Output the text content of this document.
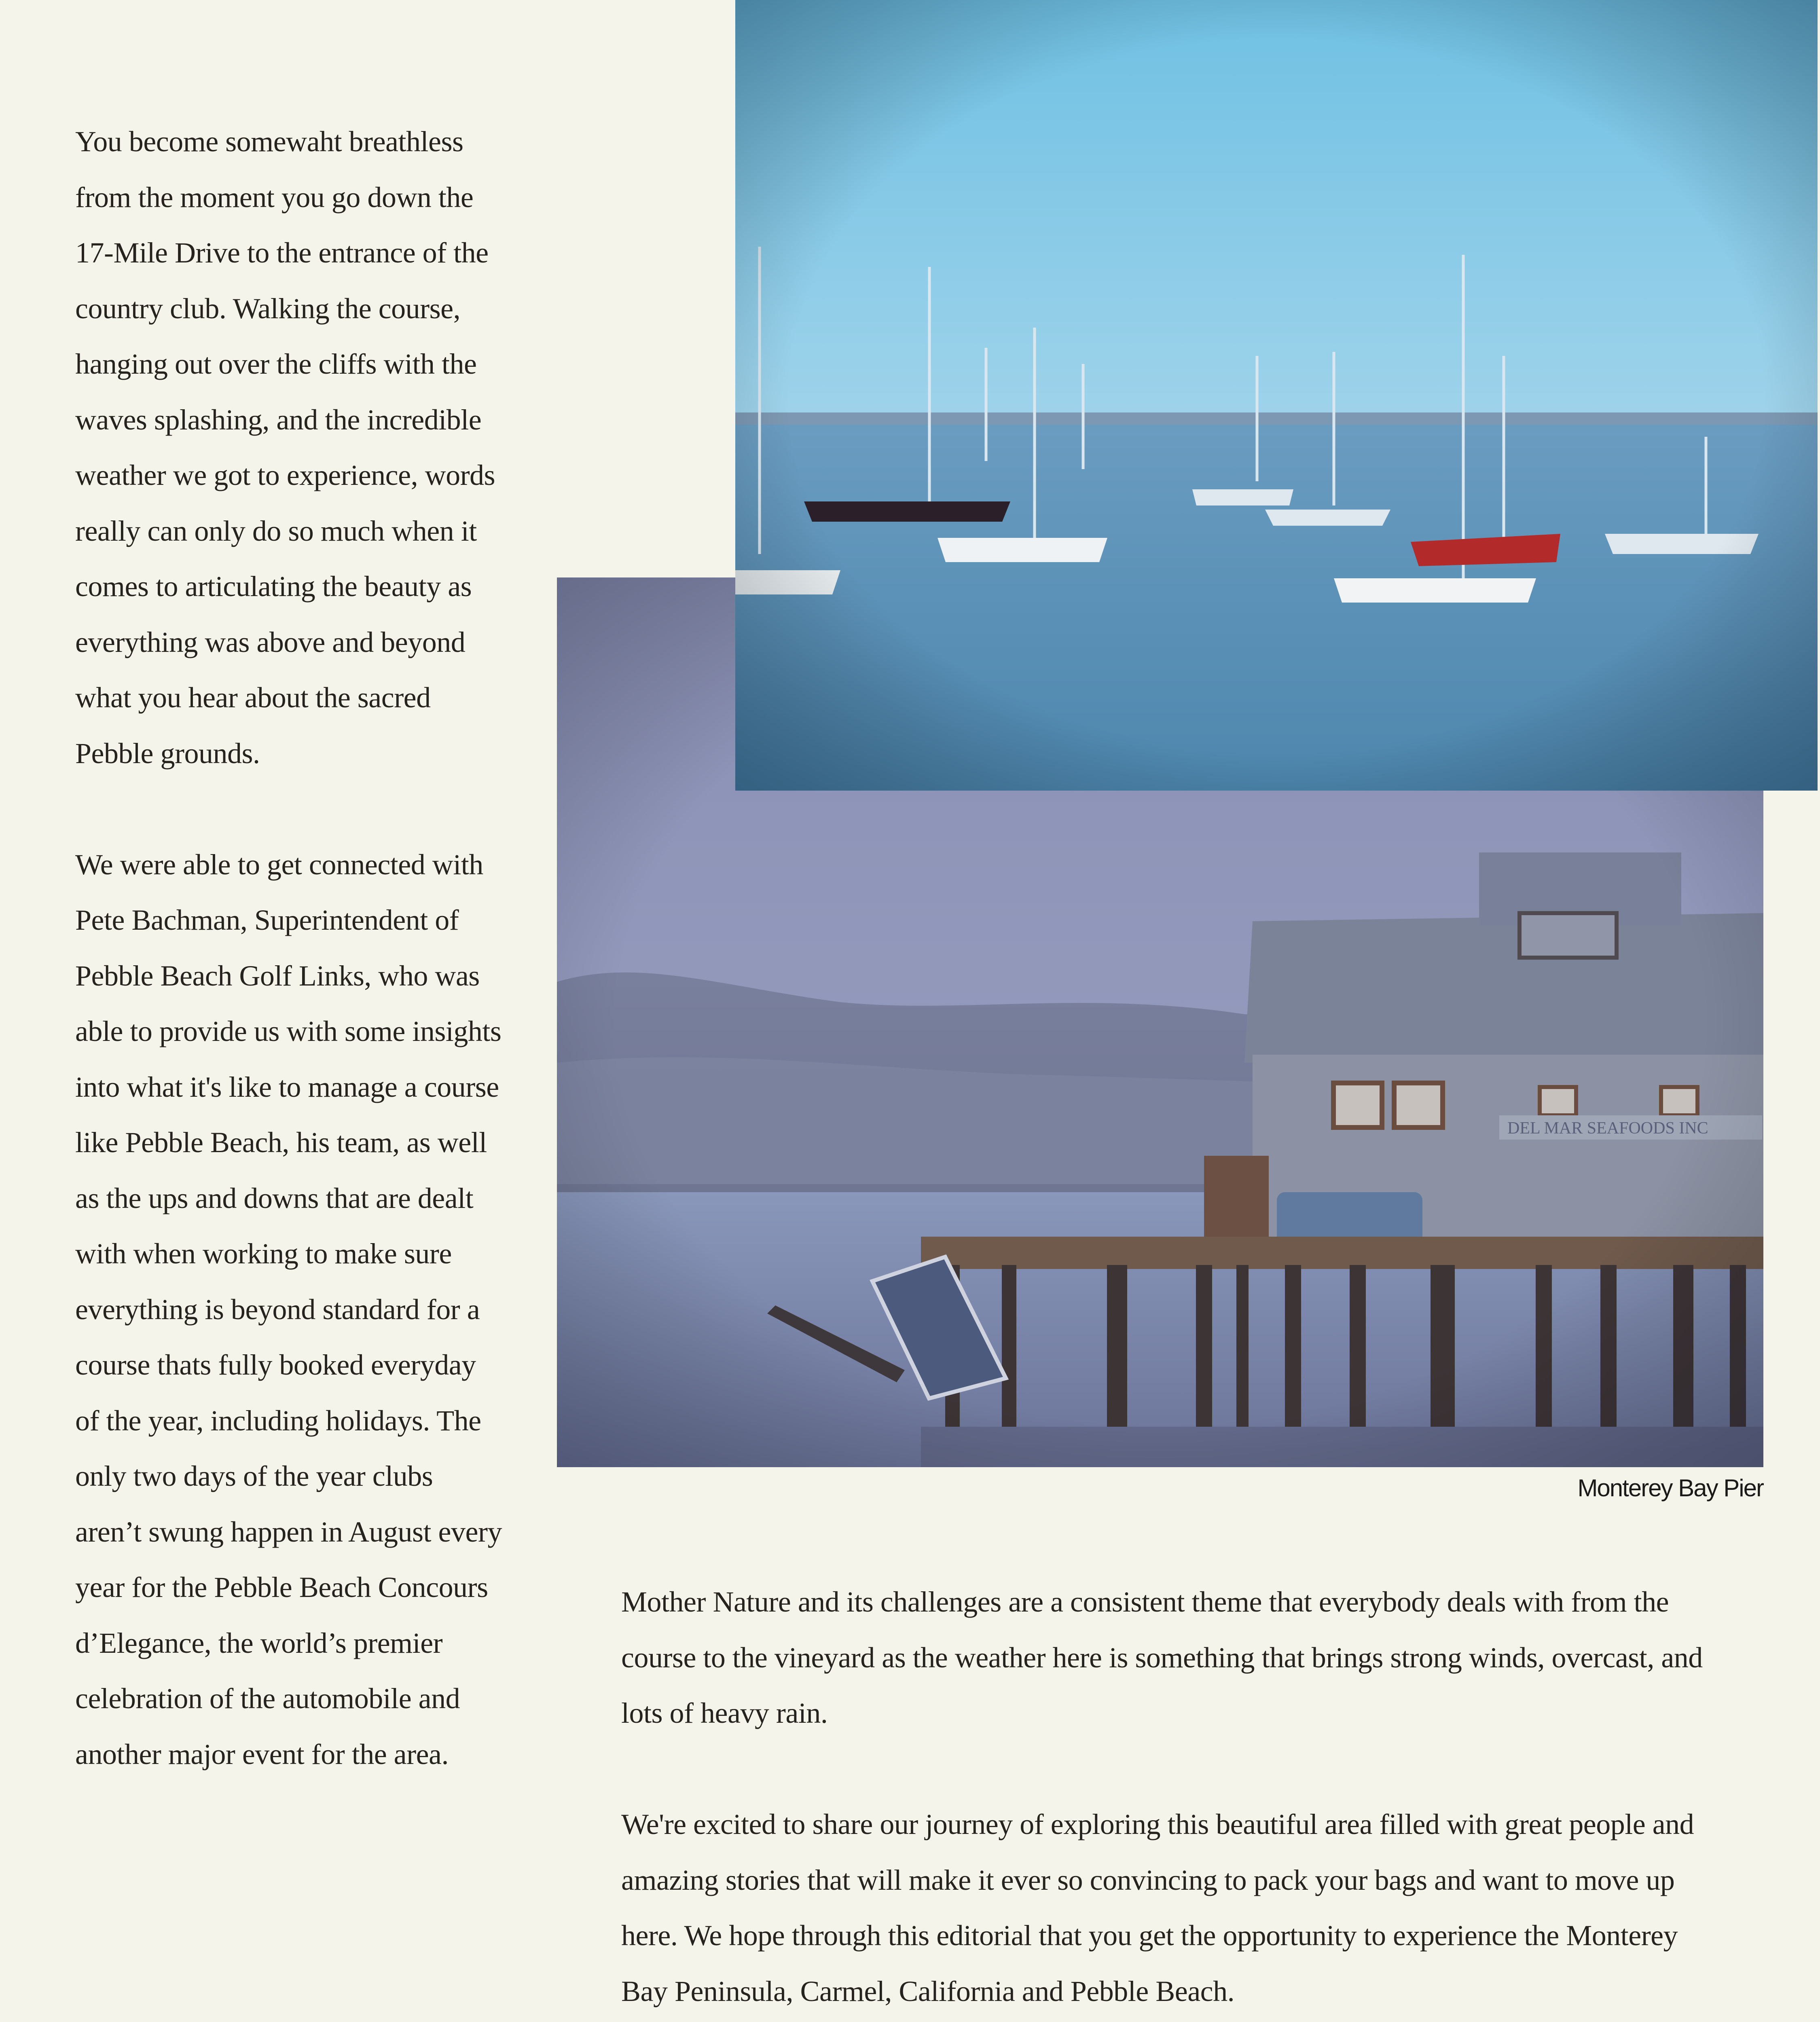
You become somewaht breathless from the moment you go down the 17-Mile Drive to the entrance of the country club. Walking the course, hanging out over the cliffs with the waves splashing, and the incredible weather we got to experience, words really can only do so much when it comes to articulating the beauty as everything was above and beyond what you hear about the sacred Pebble grounds.

We were able to get connected with Pete Bachman, Superintendent of Pebble Beach Golf Links, who was able to provide us with some insights into what it's like to manage a course like Pebble Beach, his team, as well as the ups and downs that are dealt with when working to make sure everything is beyond standard for a course thats fully booked everyday of the year, including holidays. The only two days of the year clubs aren’t swung happen in August every year for the Pebble Beach Concours d’Elegance, the world’s premier celebration of the automobile and another major event for the area.

Monterey Bay Pier

Mother Nature and its challenges are a consistent theme that everybody deals with from the course to the vineyard as the weather here is something that brings strong winds, overcast, and lots of heavy rain.

We're excited to share our journey of exploring this beautiful area filled with great people and amazing stories that will make it ever so convincing to pack your bags and want to move up here. We hope through this editorial that you get the opportunity to experience the Monterey Bay Peninsula, Carmel, California and Pebble Beach.
